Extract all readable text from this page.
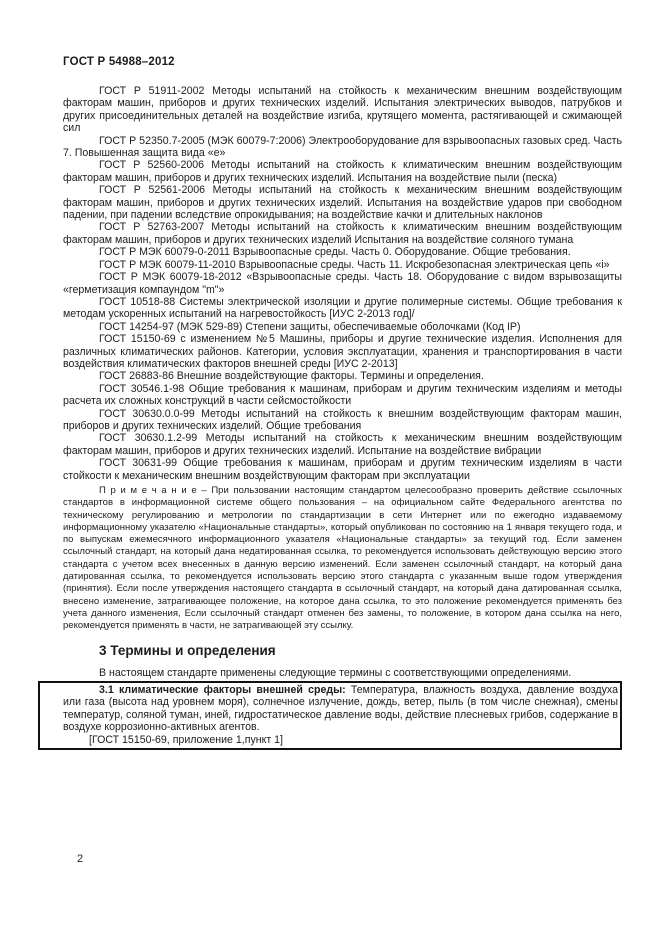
ГОСТ Р 54988–2012

ГОСТ Р 51911-2002 Методы испытаний на стойкость к механическим внешним воздействующим факторам машин, приборов и других технических изделий. Испытания электрических выводов, патрубков и других присоединительных деталей на воздействие изгиба, крутящего момента, растягивающей и сжимающей сил

ГОСТ Р 52350.7-2005 (МЭК 60079-7:2006) Электрооборудование для взрывоопасных газовых сред. Часть 7. Повышенная защита вида «е»

ГОСТ Р 52560-2006 Методы испытаний на стойкость к климатическим внешним воздействующим факторам машин, приборов и других технических изделий. Испытания на воздействие пыли (песка)

ГОСТ Р 52561-2006 Методы испытаний на стойкость к механическим внешним воздействующим факторам машин, приборов и других технических изделий. Испытания на воздействие ударов при свободном падении, при падении вследствие опрокидывания; на воздействие качки и длительных наклонов

ГОСТ Р 52763-2007 Методы испытаний на стойкость к климатическим внешним воздействующим факторам машин, приборов и других технических изделий Испытания на воздействие соляного тумана

ГОСТ Р МЭК 60079-0-2011 Взрывоопасные среды. Часть 0. Оборудование. Общие требования.

ГОСТ Р МЭК 60079-11-2010 Взрывоопасные среды. Часть 11. Искробезопасная электрическая цепь «i»

ГОСТ Р МЭК 60079-18-2012 «Взрывоопасные среды. Часть 18. Оборудование с видом взрывозащиты «герметизация компаундом "m"»

ГОСТ 10518-88 Системы электрической изоляции и другие полимерные системы. Общие требования к методам ускоренных испытаний на нагревостойкость [ИУС 2-2013 год]/

ГОСТ 14254-97 (МЭК 529-89) Степени защиты, обеспечиваемые оболочками (Код IP)

ГОСТ 15150-69 с изменением №5 Машины, приборы и другие технические изделия. Исполнения для различных климатических районов. Категории, условия эксплуатации, хранения и транспортирования в части воздействия климатических факторов внешней среды [ИУС 2-2013]

ГОСТ 26883-86 Внешние воздействующие факторы. Термины и определения.

ГОСТ 30546.1-98 Общие требования к машинам, приборам и другим техническим изделиям и методы расчета их сложных конструкций в части сейсмостойкости

ГОСТ 30630.0.0-99 Методы испытаний на стойкость к внешним воздействующим факторам машин, приборов и других технических изделий. Общие требования

ГОСТ 30630.1.2-99 Методы испытаний на стойкость к механическим внешним воздействующим факторам машин, приборов и других технических изделий. Испытание на воздействие вибрации

ГОСТ 30631-99 Общие требования к машинам, приборам и другим техническим изделиям в части стойкости к механическим внешним воздействующим факторам при эксплуатации

П р и м е ч а н и е – При пользовании настоящим стандартом целесообразно проверить действие ссылочных стандартов в информационной системе общего пользования – на официальном сайте Федерального агентства по техническому регулированию и метрологии по стандартизации в сети Интернет или по ежегодно издаваемому информационному указателю «Национальные стандарты», который опубликован по состоянию на 1 января текущего года, и по выпускам ежемесячного информационного указателя «Национальные стандарты» за текущий год. Если заменен ссылочный стандарт, на который дана недатированная ссылка, то рекомендуется использовать действующую версию этого стандарта с учетом всех внесенных в данную версию изменений. Если заменен ссылочный стандарт, на который дана датированная ссылка, то рекомендуется использовать версию этого стандарта с указанным выше годом утверждения (принятия). Если после утверждения настоящего стандарта в ссылочный стандарт, на который дана датированная ссылка, внесено изменение, затрагивающее положение, на которое дана ссылка, то это положение рекомендуется применять без учета данного изменения, Если ссылочный стандарт отменен без замены, то положение, в котором дана ссылка на него, рекомендуется применять в части, не затрагивающей эту ссылку.

3 Термины и определения

В настоящем стандарте применены следующие термины с соответствующими определениями.

3.1 климатические факторы внешней среды: Температура, влажность воздуха, давление воздуха или газа (высота над уровнем моря), солнечное излучение, дождь, ветер, пыль (в том числе снежная), смены температур, соляной туман, иней, гидростатическое давление воды, действие плесневых грибов, содержание в воздухе коррозионно-активных агентов.

[ГОСТ 15150-69, приложение 1,пункт 1]

2
